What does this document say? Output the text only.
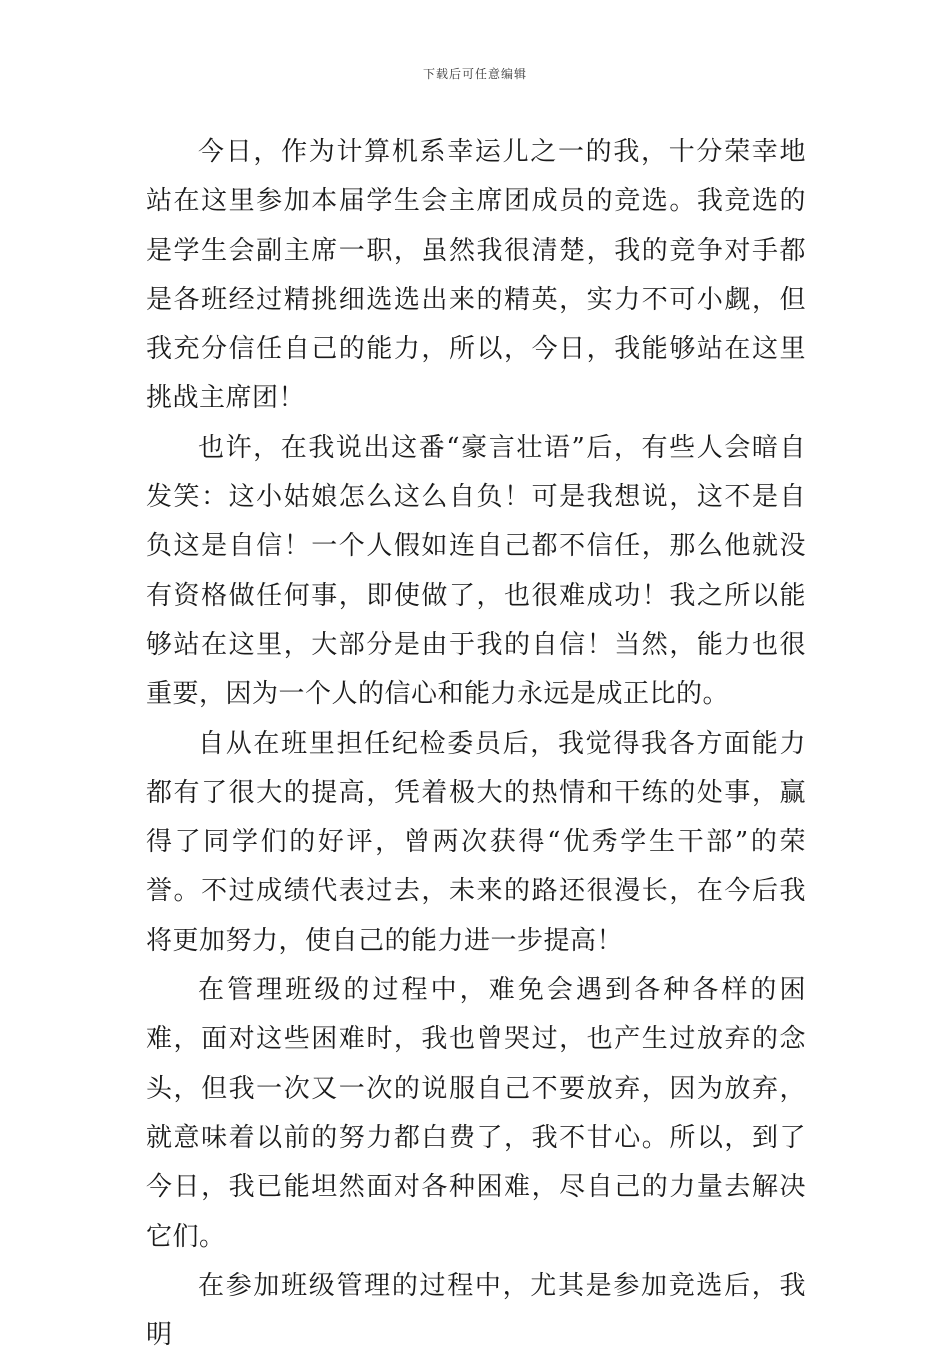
下载后可任意编辑

今日，作为计算机系幸运儿之一的我，十分荣幸地站在这里参加本届学生会主席团成员的竞选。我竞选的是学生会副主席一职，虽然我很清楚，我的竞争对手都是各班经过精挑细选选出来的精英，实力不可小觑，但我充分信任自己的能力，所以，今日，我能够站在这里挑战主席团！

也许，在我说出这番“豪言壮语”后，有些人会暗自发笑：这小姑娘怎么这么自负！可是我想说，这不是自负这是自信！一个人假如连自己都不信任，那么他就没有资格做任何事，即使做了，也很难成功！我之所以能够站在这里，大部分是由于我的自信！当然，能力也很重要，因为一个人的信心和能力永远是成正比的。

自从在班里担任纪检委员后，我觉得我各方面能力都有了很大的提高，凭着极大的热情和干练的处事，赢得了同学们的好评，曾两次获得“优秀学生干部”的荣誉。不过成绩代表过去，未来的路还很漫长，在今后我将更加努力，使自己的能力进一步提高！

在管理班级的过程中，难免会遇到各种各样的困难，面对这些困难时，我也曾哭过，也产生过放弃的念头，但我一次又一次的说服自己不要放弃，因为放弃，就意味着以前的努力都白费了，我不甘心。所以，到了今日，我已能坦然面对各种困难，尽自己的力量去解决它们。

在参加班级管理的过程中，尤其是参加竞选后，我明
